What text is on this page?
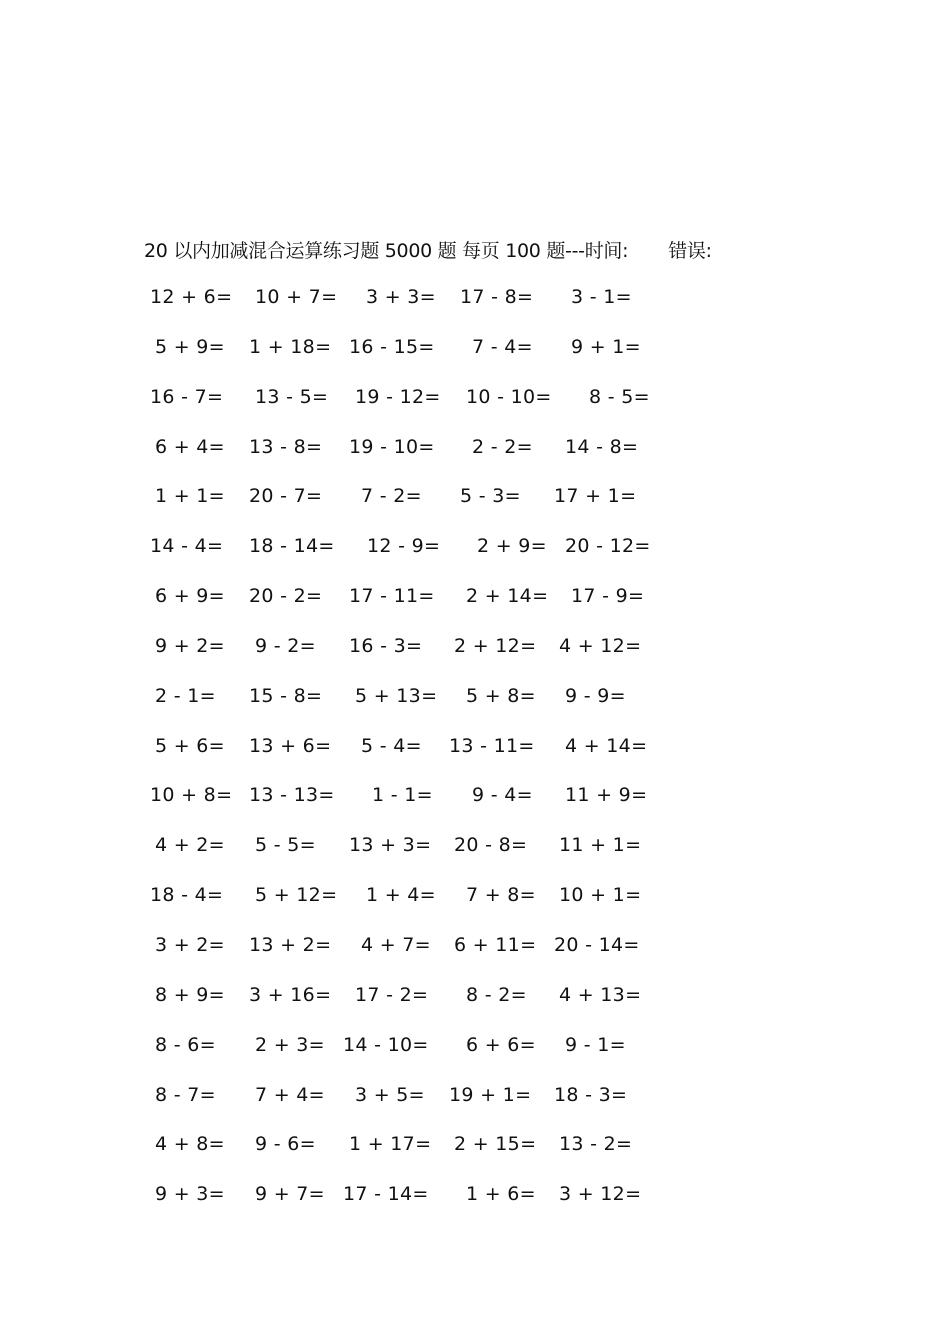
20 以内加减混合运算练习题 5000 题 每页 100 题---时间: 错误:
12 + 6= 10 + 7= 3 + 3= 17 - 8= 3 - 1=
5 + 9= 1 + 18= 16 - 15= 7 - 4= 9 + 1=
16 - 7= 13 - 5= 19 - 12= 10 - 10= 8 - 5=
6 + 4= 13 - 8= 19 - 10= 2 - 2= 14 - 8=
1 + 1= 20 - 7= 7 - 2= 5 - 3= 17 + 1=
14 - 4= 18 - 14= 12 - 9= 2 + 9= 20 - 12=
6 + 9= 20 - 2= 17 - 11= 2 + 14= 17 - 9=
9 + 2= 9 - 2= 16 - 3= 2 + 12= 4 + 12=
2 - 1= 15 - 8= 5 + 13= 5 + 8= 9 - 9=
5 + 6= 13 + 6= 5 - 4= 13 - 11= 4 + 14=
10 + 8= 13 - 13= 1 - 1= 9 - 4= 11 + 9=
4 + 2= 5 - 5= 13 + 3= 20 - 8= 11 + 1=
18 - 4= 5 + 12= 1 + 4= 7 + 8= 10 + 1=
3 + 2= 13 + 2= 4 + 7= 6 + 11= 20 - 14=
8 + 9= 3 + 16= 17 - 2= 8 - 2= 4 + 13=
8 - 6= 2 + 3= 14 - 10= 6 + 6= 9 - 1=
8 - 7= 7 + 4= 3 + 5= 19 + 1= 18 - 3=
4 + 8= 9 - 6= 1 + 17= 2 + 15= 13 - 2=
9 + 3= 9 + 7= 17 - 14= 1 + 6= 3 + 12=
